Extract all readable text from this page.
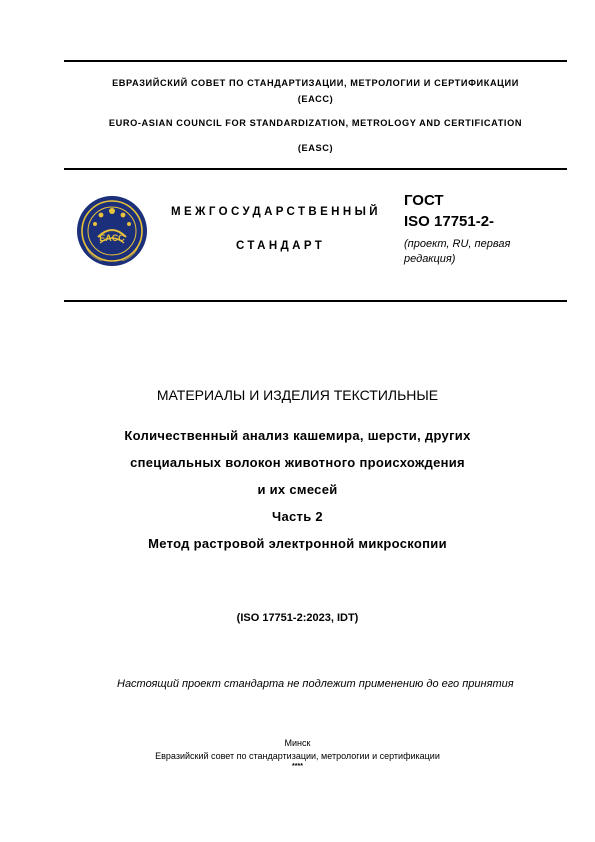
ЕВРАЗИЙСКИЙ СОВЕТ ПО СТАНДАРТИЗАЦИИ, МЕТРОЛОГИИ И СЕРТИФИКАЦИИ
(ЕАСС)
EURO-ASIAN COUNCIL FOR STANDARDIZATION, METROLOGY AND CERTIFICATION
(EASC)
EACC
МЕЖГОСУДАРСТВЕННЫЙ
СТАНДАРТ
ГОСТ
ISO 17751-2-
(проект, RU, первая
редакция)
МАТЕРИАЛЫ И ИЗДЕЛИЯ ТЕКСТИЛЬНЫЕ
Количественный анализ кашемира, шерсти, других
специальных волокон животного происхождения
и их смесей
Часть 2
Метод растровой электронной микроскопии
(ISO 17751-2:2023, IDT)
Настоящий проект стандарта не подлежит применению до его принятия
Минск
Евразийский совет по стандартизации, метрологии и сертификации
****
